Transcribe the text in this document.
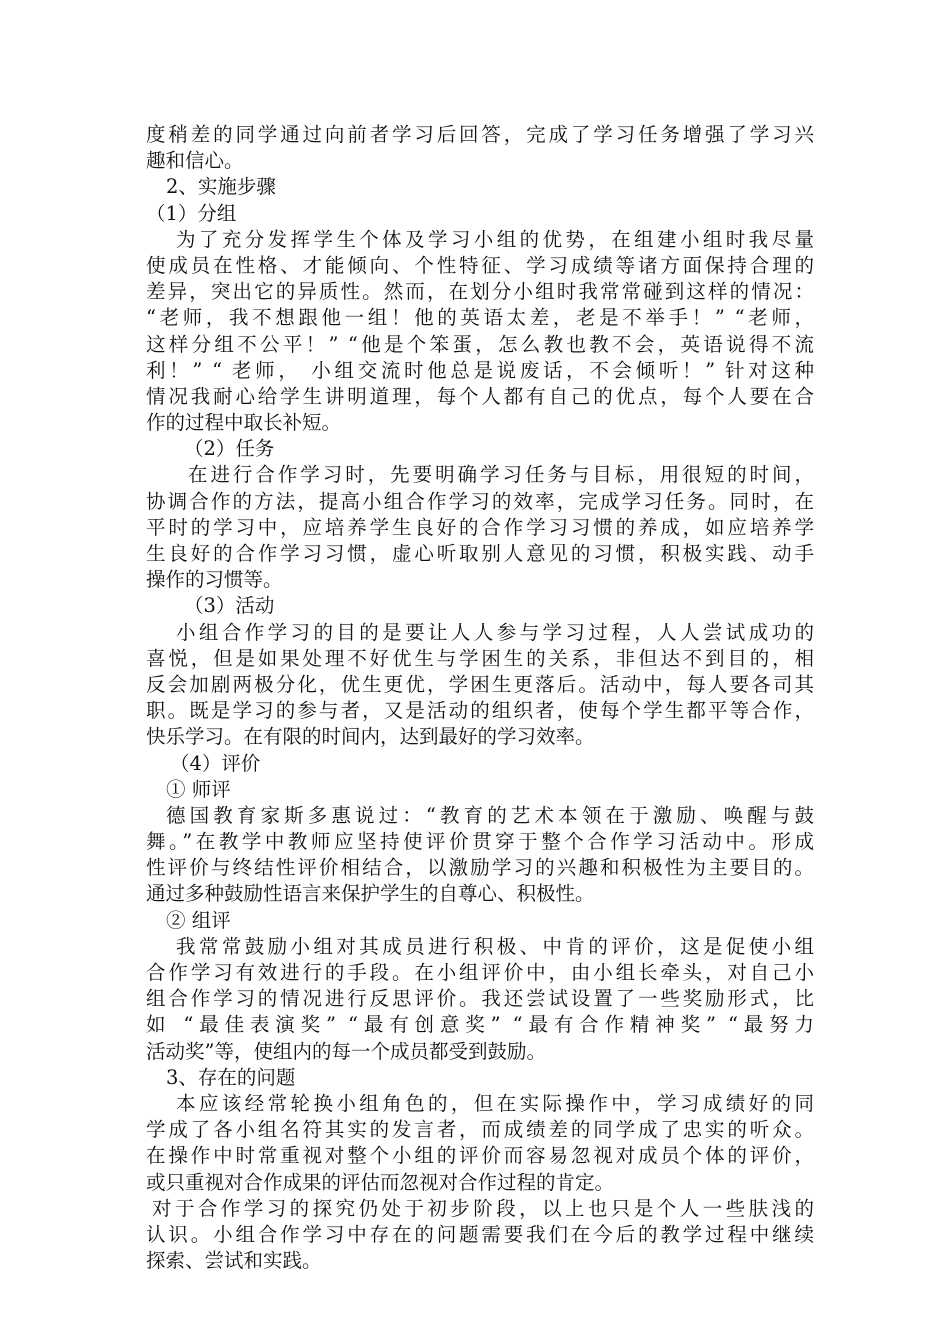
度稍差的同学通过向前者学习后回答，完成了学习任务增强了学习兴
趣和信心。
2、实施步骤
（1）分组
为了充分发挥学生个体及学习小组的优势，在组建小组时我尽量
使成员在性格、才能倾向、个性特征、学习成绩等诸方面保持合理的
差异，突出它的异质性。然而，在划分小组时我常常碰到这样的情况：
“老师，我不想跟他一组！他的英语太差，老是不举手！” “老师，
这样分组不公平！” “他是个笨蛋，怎么教也教不会，英语说得不流
利！” “ 老师， 小组交流时他总是说废话，不会倾听！” 针对这种
情况我耐心给学生讲明道理，每个人都有自己的优点，每个人要在合
作的过程中取长补短。
（2）任务
在进行合作学习时，先要明确学习任务与目标，用很短的时间，
协调合作的方法，提高小组合作学习的效率，完成学习任务。同时，在
平时的学习中，应培养学生良好的合作学习习惯的养成，如应培养学
生良好的合作学习习惯，虚心听取别人意见的习惯，积极实践、动手
操作的习惯等。
（3）活动
小组合作学习的目的是要让人人参与学习过程，人人尝试成功的
喜悦，但是如果处理不好优生与学困生的关系，非但达不到目的，相
反会加剧两极分化，优生更优，学困生更落后。活动中，每人要各司其
职。既是学习的参与者，又是活动的组织者，使每个学生都平等合作，
快乐学习。在有限的时间内，达到最好的学习效率。
（4）评价
① 师评
德国教育家斯多惠说过：“教育的艺术本领在于激励、唤醒与鼓
舞。”在教学中教师应坚持使评价贯穿于整个合作学习活动中。形成
性评价与终结性评价相结合，以激励学习的兴趣和积极性为主要目的。
通过多种鼓励性语言来保护学生的自尊心、积极性。
② 组评
我常常鼓励小组对其成员进行积极、中肯的评价，这是促使小组
合作学习有效进行的手段。在小组评价中，由小组长牵头，对自己小
组合作学习的情况进行反思评价。我还尝试设置了一些奖励形式，比
如 “最佳表演奖” “最有创意奖” “最有合作精神奖” “最努力
活动奖”等，使组内的每一个成员都受到鼓励。
3、存在的问题
本应该经常轮换小组角色的，但在实际操作中，学习成绩好的同
学成了各小组名符其实的发言者，而成绩差的同学成了忠实的听众。
在操作中时常重视对整个小组的评价而容易忽视对成员个体的评价，
或只重视对合作成果的评估而忽视对合作过程的肯定。
对于合作学习的探究仍处于初步阶段，以上也只是个人一些肤浅的
认识。小组合作学习中存在的问题需要我们在今后的教学过程中继续
探索、尝试和实践。
